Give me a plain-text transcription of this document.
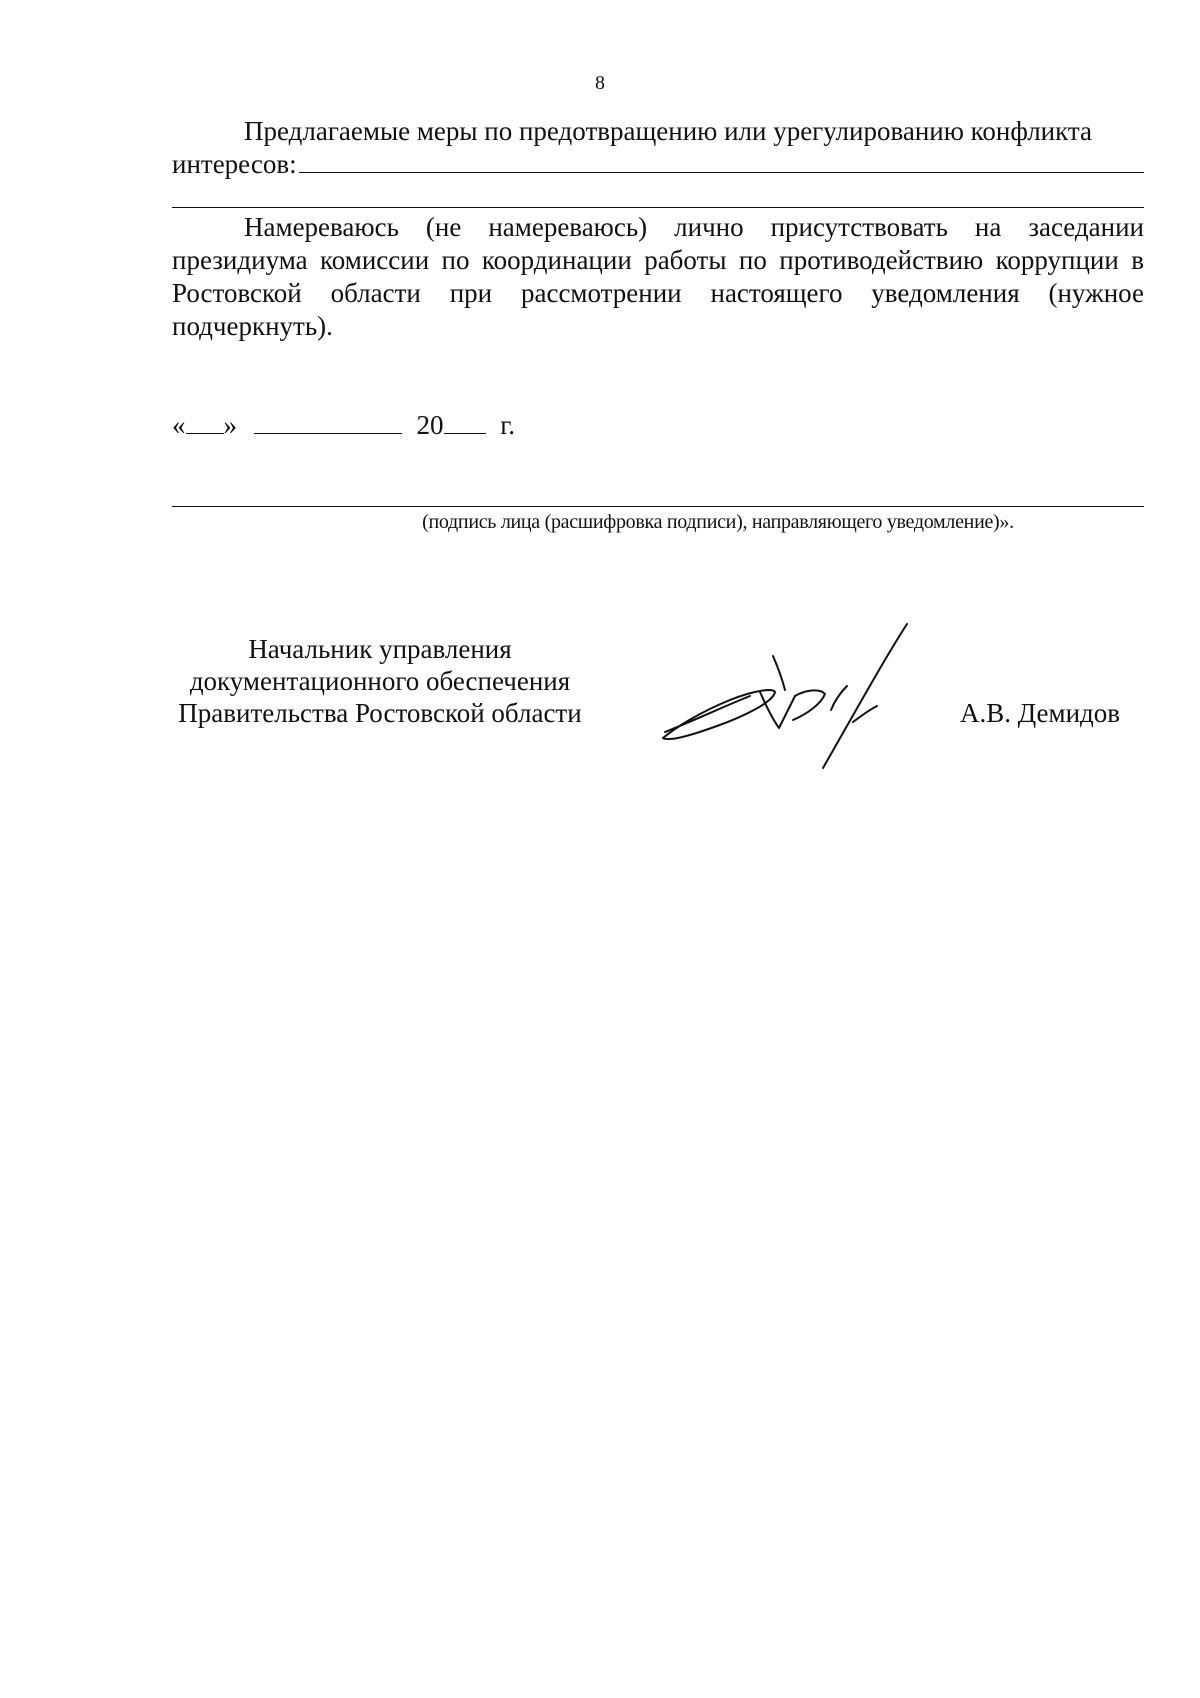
8
Предлагаемые меры по предотвращению или урегулированию конфликта
интересов:
Намереваюсь (не намереваюсь) лично присутствовать на заседании президиума комиссии по координации работы по противодействию коррупции в Ростовской области при рассмотрении настоящего уведомления (нужное подчеркнуть).
« »	20 г.
(подпись лица (расшифровка подписи), направляющего уведомление)».
Начальник управления
документационного обеспечения
Правительства Ростовской области	А.В. Демидов
